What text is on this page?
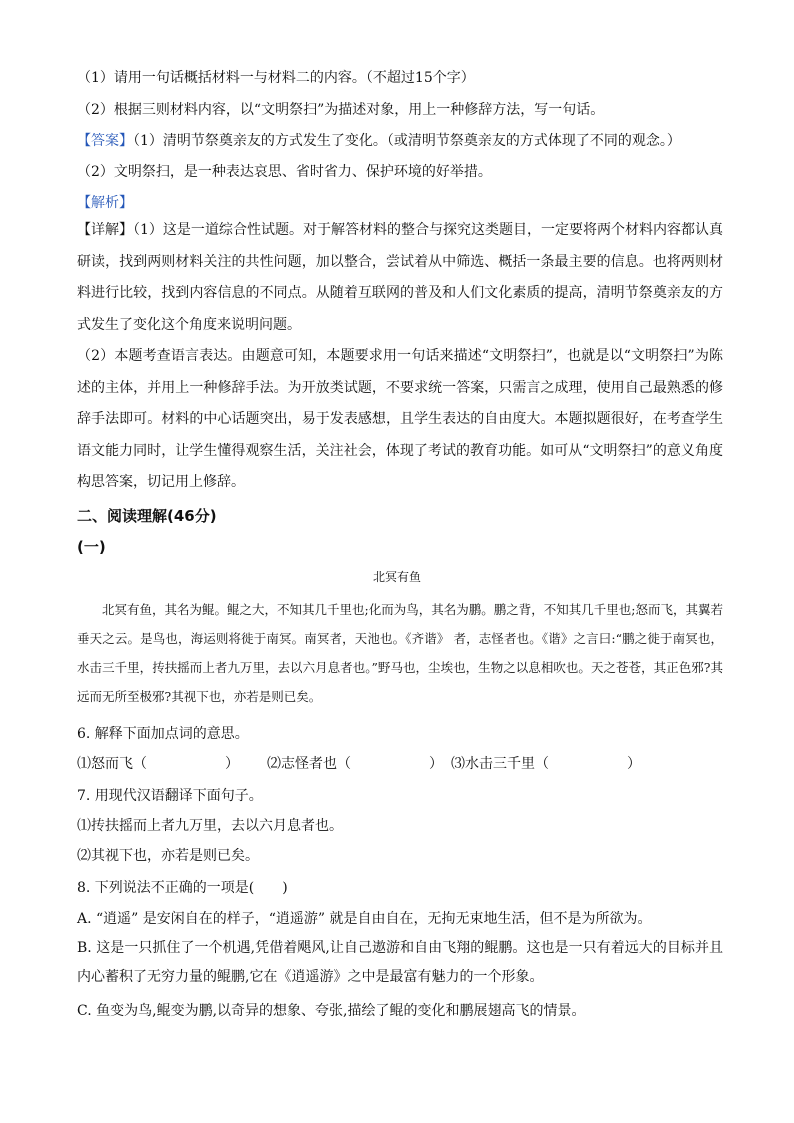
（1）请用一句话概括材料一与材料二的内容。（不超过15个字）
（2）根据三则材料内容，以“文明祭扫”为描述对象，用上一种修辞方法，写一句话。
【答案】（1）清明节祭奠亲友的方式发生了变化。（或清明节祭奠亲友的方式体现了不同的观念。）
（2）文明祭扫，是一种表达哀思、省时省力、保护环境的好举措。
【解析】
【详解】（1）这是一道综合性试题。对于解答材料的整合与探究这类题目，一定要将两个材料内容都认真研读，找到两则材料关注的共性问题，加以整合，尝试着从中筛选、概括一条最主要的信息。也将两则材料进行比较，找到内容信息的不同点。从随着互联网的普及和人们文化素质的提高，清明节祭奠亲友的方式发生了变化这个角度来说明问题。
（2）本题考查语言表达。由题意可知，本题要求用一句话来描述“文明祭扫”，也就是以“文明祭扫”为陈述的主体，并用上一种修辞手法。为开放类试题，不要求统一答案，只需言之成理，使用自己最熟悉的修辞手法即可。材料的中心话题突出，易于发表感想，且学生表达的自由度大。本题拟题很好，在考查学生语文能力同时，让学生懂得观察生活，关注社会，体现了考试的教育功能。如可从“文明祭扫”的意义角度构思答案，切记用上修辞。
二、阅读理解(46分)
(一)
北冥有鱼
北冥有鱼，其名为鲲。鲲之大，不知其几千里也;化而为鸟，其名为鹏。鹏之背，不知其几千里也;怒而飞，其翼若垂天之云。是鸟也，海运则将徙于南冥。南冥者，天池也。《齐谐》 者，志怪者也。《谐》之言曰:“鹏之徙于南冥也，水击三千里，抟扶摇而上者九万里，去以六月息者也。”野马也，尘埃也，生物之以息相吹也。天之苍苍，其正色邪?其远而无所至极邪?其视下也，亦若是则已矣。
6. 解释下面加点词的意思。
⑴怒而飞（	） ⑵志怪者也（	） ⑶水击三千里（	）
7. 用现代汉语翻译下面句子。
⑴抟扶摇而上者九万里，去以六月息者也。
⑵其视下也，亦若是则已矣。
8. 下列说法不正确的一项是(　　)
A. “逍遥” 是安闲自在的样子，“逍遥游” 就是自由自在，无拘无束地生活，但不是为所欲为。
B. 这是一只抓住了一个机遇,凭借着飓风,让自己遨游和自由飞翔的鲲鹏。这也是一只有着远大的目标并且内心蓄积了无穷力量的鲲鹏,它在《逍遥游》之中是最富有魅力的一个形象。
C. 鱼变为鸟,鲲变为鹏,以奇异的想象、夸张,描绘了鲲的变化和鹏展翅高飞的情景。
